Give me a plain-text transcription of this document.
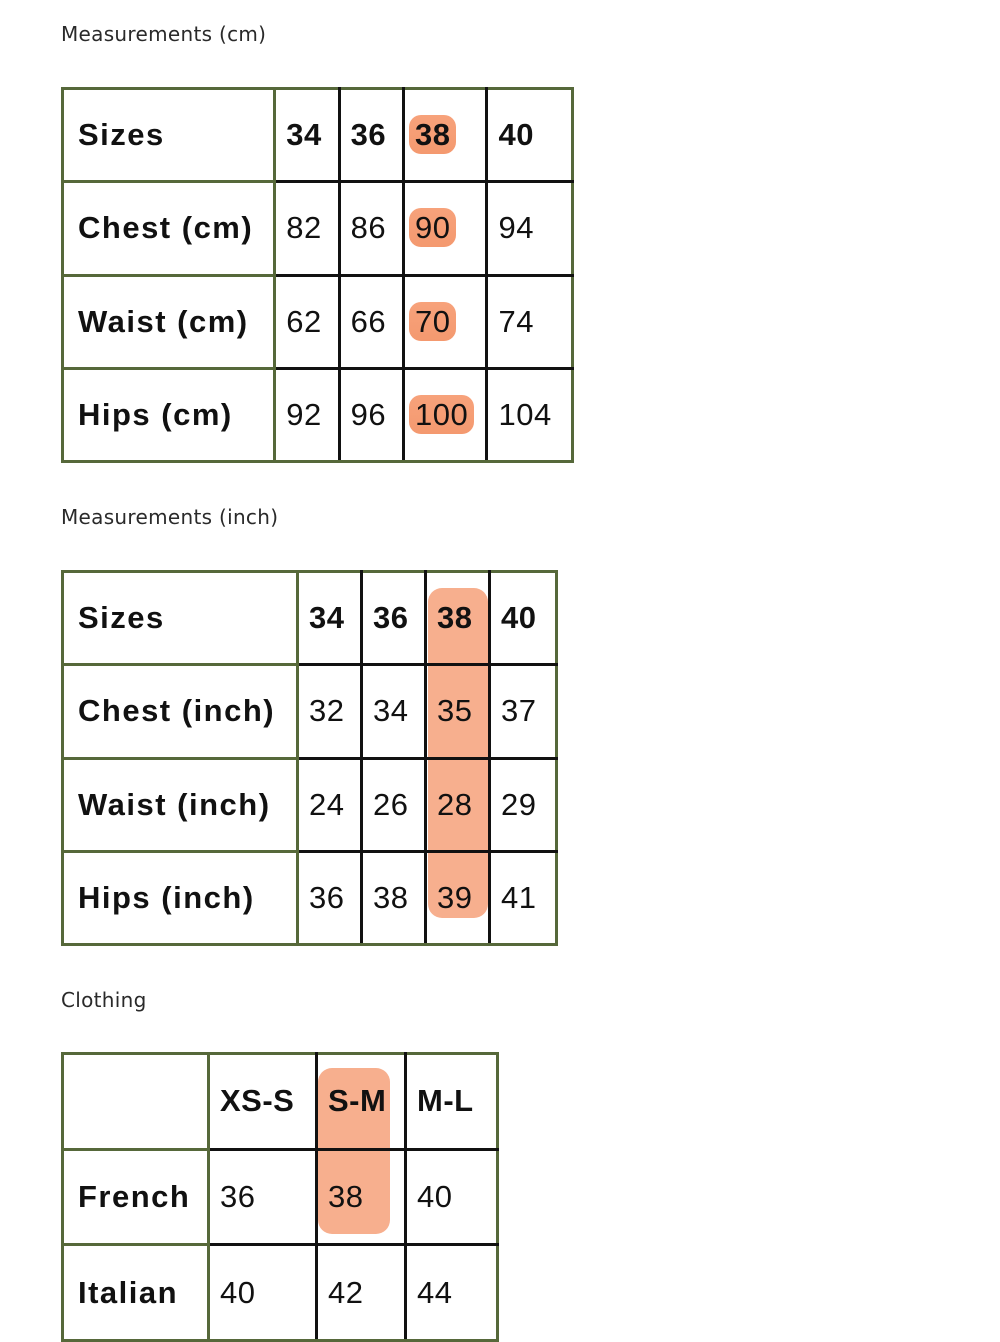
Measurements (cm)
Sizes	34	36	38	40
Chest (cm)	82	86	90	94
Waist (cm)	62	66	70	74
Hips (cm)	92	96	100	104
Measurements (inch)
Sizes	34	36	38	40
Chest (inch)	32	34	35	37
Waist (inch)	24	26	28	29
Hips (inch)	36	38	39	41
Clothing
	XS-S	S-M	M-L
French	36	38	40
Italian	40	42	44
